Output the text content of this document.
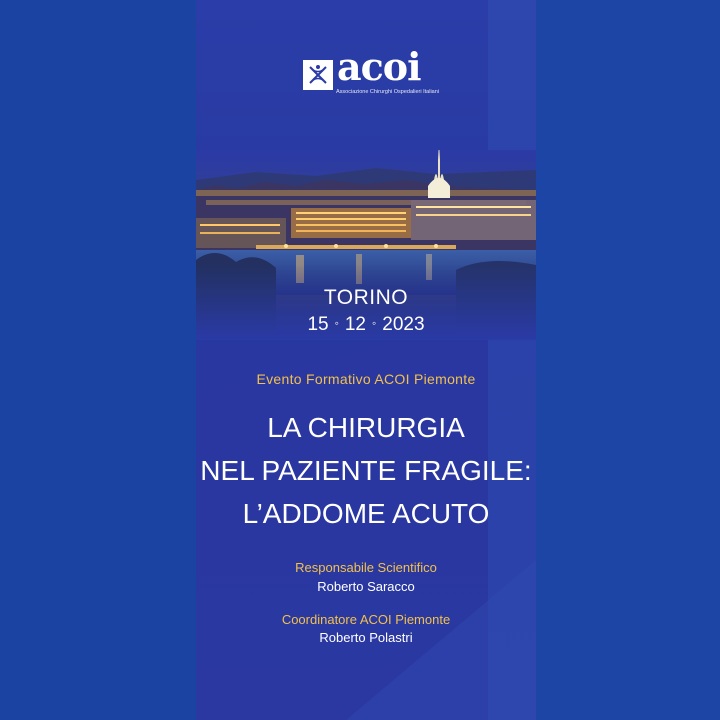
acoi
Associazione Chirurghi Ospedalieri Italiani
TORINO
15 ◦ 12 ◦ 2023
Evento Formativo ACOI Piemonte
LA CHIRURGIA
NEL PAZIENTE FRAGILE:
L’ADDOME ACUTO
Responsabile Scientifico
Roberto Saracco
Coordinatore ACOI Piemonte
Roberto Polastri
